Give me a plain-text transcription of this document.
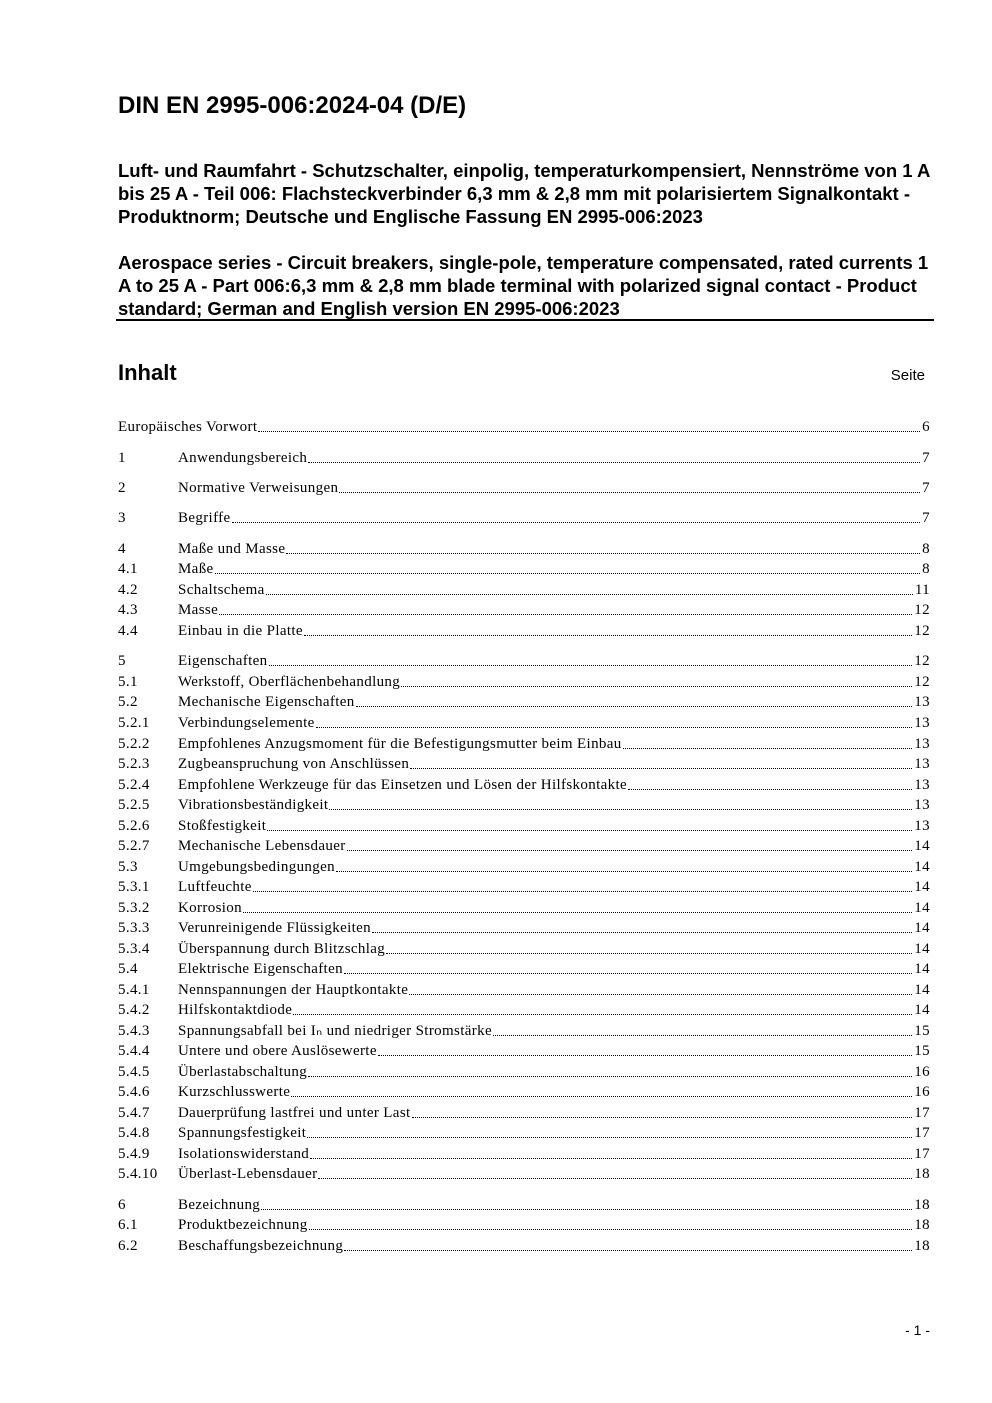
DIN EN 2995-006:2024-04 (D/E)

Luft- und Raumfahrt - Schutzschalter, einpolig, temperaturkompensiert, Nennströme von 1 A bis 25 A - Teil 006: Flachsteckverbinder 6,3 mm & 2,8 mm mit polarisiertem Signalkontakt - Produktnorm; Deutsche und Englische Fassung EN 2995-006:2023

Aerospace series - Circuit breakers, single-pole, temperature compensated, rated currents 1 A to 25 A - Part 006:6,3 mm & 2,8 mm blade terminal with polarized signal contact - Product standard; German and English version EN 2995-006:2023

Inhalt	Seite
Europäisches Vorwort	6
1	Anwendungsbereich	7
2	Normative Verweisungen	7
3	Begriffe	7
4	Maße und Masse	8
4.1	Maße	8
4.2	Schaltschema	11
4.3	Masse	12
4.4	Einbau in die Platte	12
5	Eigenschaften	12
5.1	Werkstoff, Oberflächenbehandlung	12
5.2	Mechanische Eigenschaften	13
5.2.1	Verbindungselemente	13
5.2.2	Empfohlenes Anzugsmoment für die Befestigungsmutter beim Einbau	13
5.2.3	Zugbeanspruchung von Anschlüssen	13
5.2.4	Empfohlene Werkzeuge für das Einsetzen und Lösen der Hilfskontakte	13
5.2.5	Vibrationsbeständigkeit	13
5.2.6	Stoßfestigkeit	13
5.2.7	Mechanische Lebensdauer	14
5.3	Umgebungsbedingungen	14
5.3.1	Luftfeuchte	14
5.3.2	Korrosion	14
5.3.3	Verunreinigende Flüssigkeiten	14
5.3.4	Überspannung durch Blitzschlag	14
5.4	Elektrische Eigenschaften	14
5.4.1	Nennspannungen der Hauptkontakte	14
5.4.2	Hilfskontaktdiode	14
5.4.3	Spannungsabfall bei Iₙ und niedriger Stromstärke	15
5.4.4	Untere und obere Auslösewerte	15
5.4.5	Überlastabschaltung	16
5.4.6	Kurzschlusswerte	16
5.4.7	Dauerprüfung lastfrei und unter Last	17
5.4.8	Spannungsfestigkeit	17
5.4.9	Isolationswiderstand	17
5.4.10	Überlast-Lebensdauer	18
6	Bezeichnung	18
6.1	Produktbezeichnung	18
6.2	Beschaffungsbezeichnung	18
- 1 -
